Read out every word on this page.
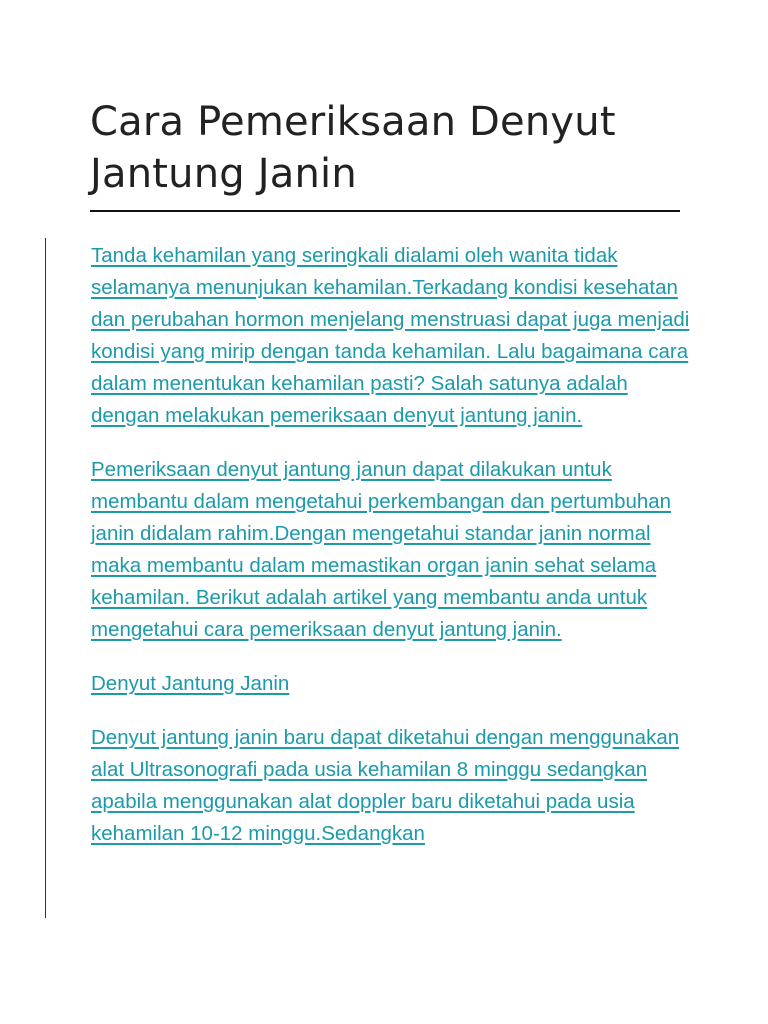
Cara Pemeriksaan Denyut Jantung Janin

Tanda kehamilan yang seringkali dialami oleh wanita tidak selamanya menunjukan kehamilan.Terkadang kondisi kesehatan dan perubahan hormon menjelang menstruasi dapat juga menjadi kondisi yang mirip dengan tanda kehamilan. Lalu bagaimana cara dalam menentukan kehamilan pasti? Salah satunya adalah dengan melakukan pemeriksaan denyut jantung janin.

Pemeriksaan denyut jantung janun dapat dilakukan untuk membantu dalam mengetahui perkembangan dan pertumbuhan janin didalam rahim.Dengan mengetahui standar janin normal maka membantu dalam memastikan organ janin sehat selama kehamilan. Berikut adalah artikel yang membantu anda untuk mengetahui cara pemeriksaan denyut jantung janin.

Denyut Jantung Janin

Denyut jantung janin baru dapat diketahui dengan menggunakan alat Ultrasonografi pada usia kehamilan 8 minggu sedangkan apabila menggunakan alat doppler baru diketahui pada usia kehamilan 10-12 minggu.Sedangkan
